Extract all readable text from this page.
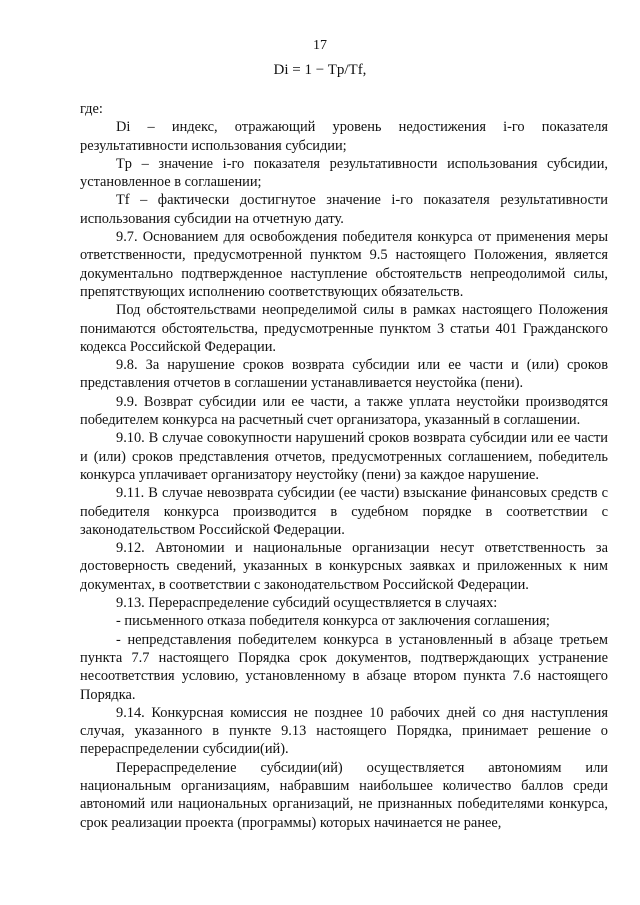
17
Di = 1 − Tp/Tf,

где:

Di – индекс, отражающий уровень недостижения i-го показателя результативности использования субсидии;

Tp – значение i-го показателя результативности использования субсидии, установленное в соглашении;

Tf – фактически достигнутое значение i-го показателя результативности использования субсидии на отчетную дату.

9.7. Основанием для освобождения победителя конкурса от применения меры ответственности, предусмотренной пунктом 9.5 настоящего Положения, является документально подтвержденное наступление обстоятельств непреодолимой силы, препятствующих исполнению соответствующих обязательств.

Под обстоятельствами неопределимой силы в рамках настоящего Положения понимаются обстоятельства, предусмотренные пунктом 3 статьи 401 Гражданского кодекса Российской Федерации.

9.8. За нарушение сроков возврата субсидии или ее части и (или) сроков представления отчетов в соглашении устанавливается неустойка (пени).

9.9. Возврат субсидии или ее части, а также уплата неустойки производятся победителем конкурса на расчетный счет организатора, указанный в соглашении.

9.10. В случае совокупности нарушений сроков возврата субсидии или ее части и (или) сроков представления отчетов, предусмотренных соглашением, победитель конкурса уплачивает организатору неустойку (пени) за каждое нарушение.

9.11. В случае невозврата субсидии (ее части) взыскание финансовых средств с победителя конкурса производится в судебном порядке в соответствии с законодательством Российской Федерации.

9.12. Автономии и национальные организации несут ответственность за достоверность сведений, указанных в конкурсных заявках и приложенных к ним документах, в соответствии с законодательством Российской Федерации.

9.13. Перераспределение субсидий осуществляется в случаях:

- письменного отказа победителя конкурса от заключения соглашения;

- непредставления победителем конкурса в установленный в абзаце третьем пункта 7.7 настоящего Порядка срок документов, подтверждающих устранение несоответствия условию, установленному в абзаце втором пункта 7.6 настоящего Порядка.

9.14. Конкурсная комиссия не позднее 10 рабочих дней со дня наступления случая, указанного в пункте 9.13 настоящего Порядка, принимает решение о перераспределении субсидии(ий).

Перераспределение субсидии(ий) осуществляется автономиям или национальным организациям, набравшим наибольшее количество баллов среди автономий или национальных организаций, не признанных победителями конкурса, срок реализации проекта (программы) которых начинается не ранее,
